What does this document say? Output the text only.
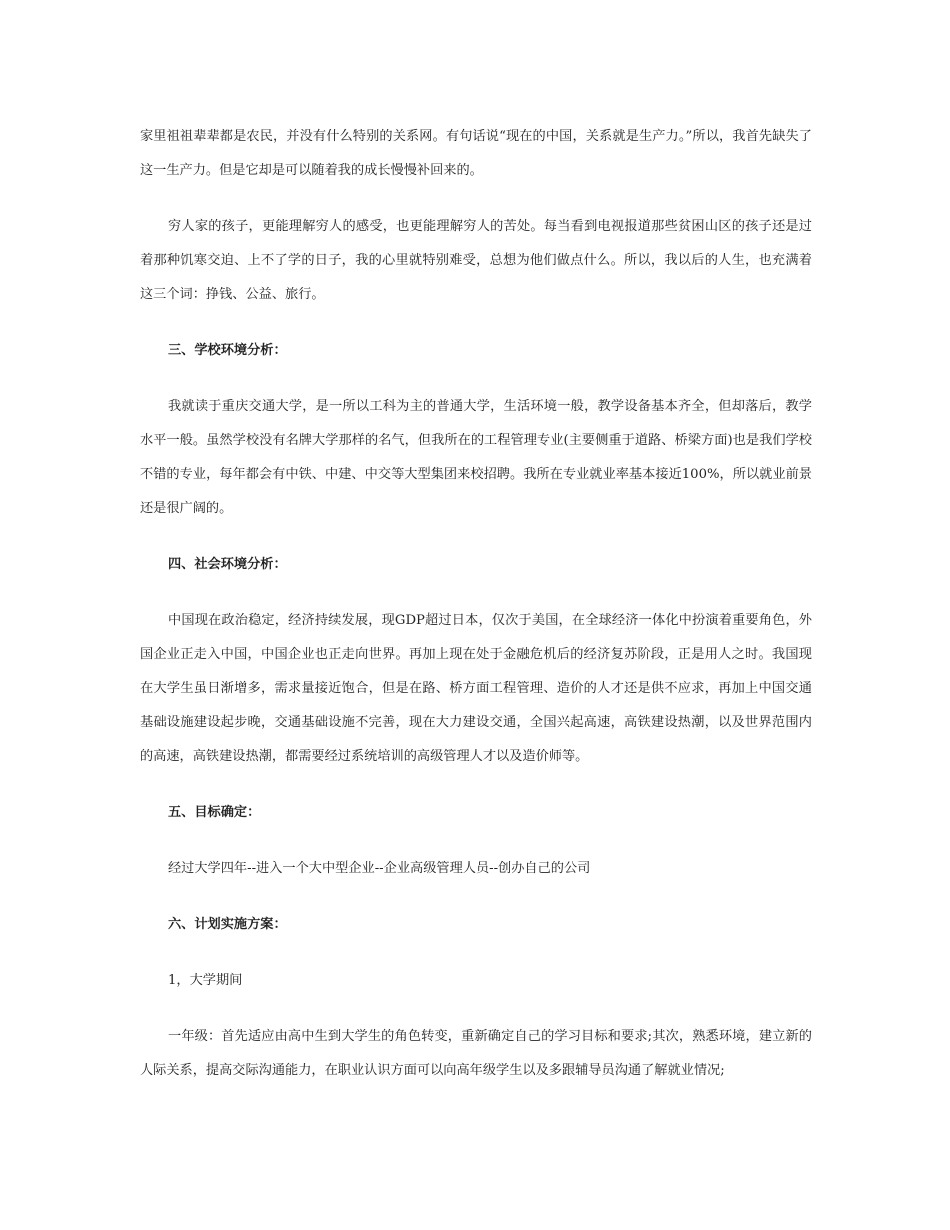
家里祖祖辈辈都是农民，并没有什么特别的关系网。有句话说“现在的中国，关系就是生产力。”所以，我首先缺失了这一生产力。但是它却是可以随着我的成长慢慢补回来的。

穷人家的孩子，更能理解穷人的感受，也更能理解穷人的苦处。每当看到电视报道那些贫困山区的孩子还是过着那种饥寒交迫、上不了学的日子，我的心里就特别难受，总想为他们做点什么。所以，我以后的人生，也充满着这三个词：挣钱、公益、旅行。

三、学校环境分析：

我就读于重庆交通大学，是一所以工科为主的普通大学，生活环境一般，教学设备基本齐全，但却落后，教学水平一般。虽然学校没有名牌大学那样的名气，但我所在的工程管理专业(主要侧重于道路、桥梁方面)也是我们学校不错的专业，每年都会有中铁、中建、中交等大型集团来校招聘。我所在专业就业率基本接近100%，所以就业前景还是很广阔的。

四、社会环境分析：

中国现在政治稳定，经济持续发展，现GDP超过日本，仅次于美国，在全球经济一体化中扮演着重要角色，外国企业正走入中国，中国企业也正走向世界。再加上现在处于金融危机后的经济复苏阶段，正是用人之时。我国现在大学生虽日渐增多，需求量接近饱合，但是在路、桥方面工程管理、造价的人才还是供不应求，再加上中国交通基础设施建设起步晚，交通基础设施不完善，现在大力建设交通，全国兴起高速，高铁建设热潮，以及世界范围内的高速，高铁建设热潮，都需要经过系统培训的高级管理人才以及造价师等。

五、目标确定：

经过大学四年--进入一个大中型企业--企业高级管理人员--创办自己的公司

六、计划实施方案：

1，大学期间

一年级：首先适应由高中生到大学生的角色转变，重新确定自己的学习目标和要求;其次，熟悉环境，建立新的人际关系，提高交际沟通能力，在职业认识方面可以向高年级学生以及多跟辅导员沟通了解就业情况;
